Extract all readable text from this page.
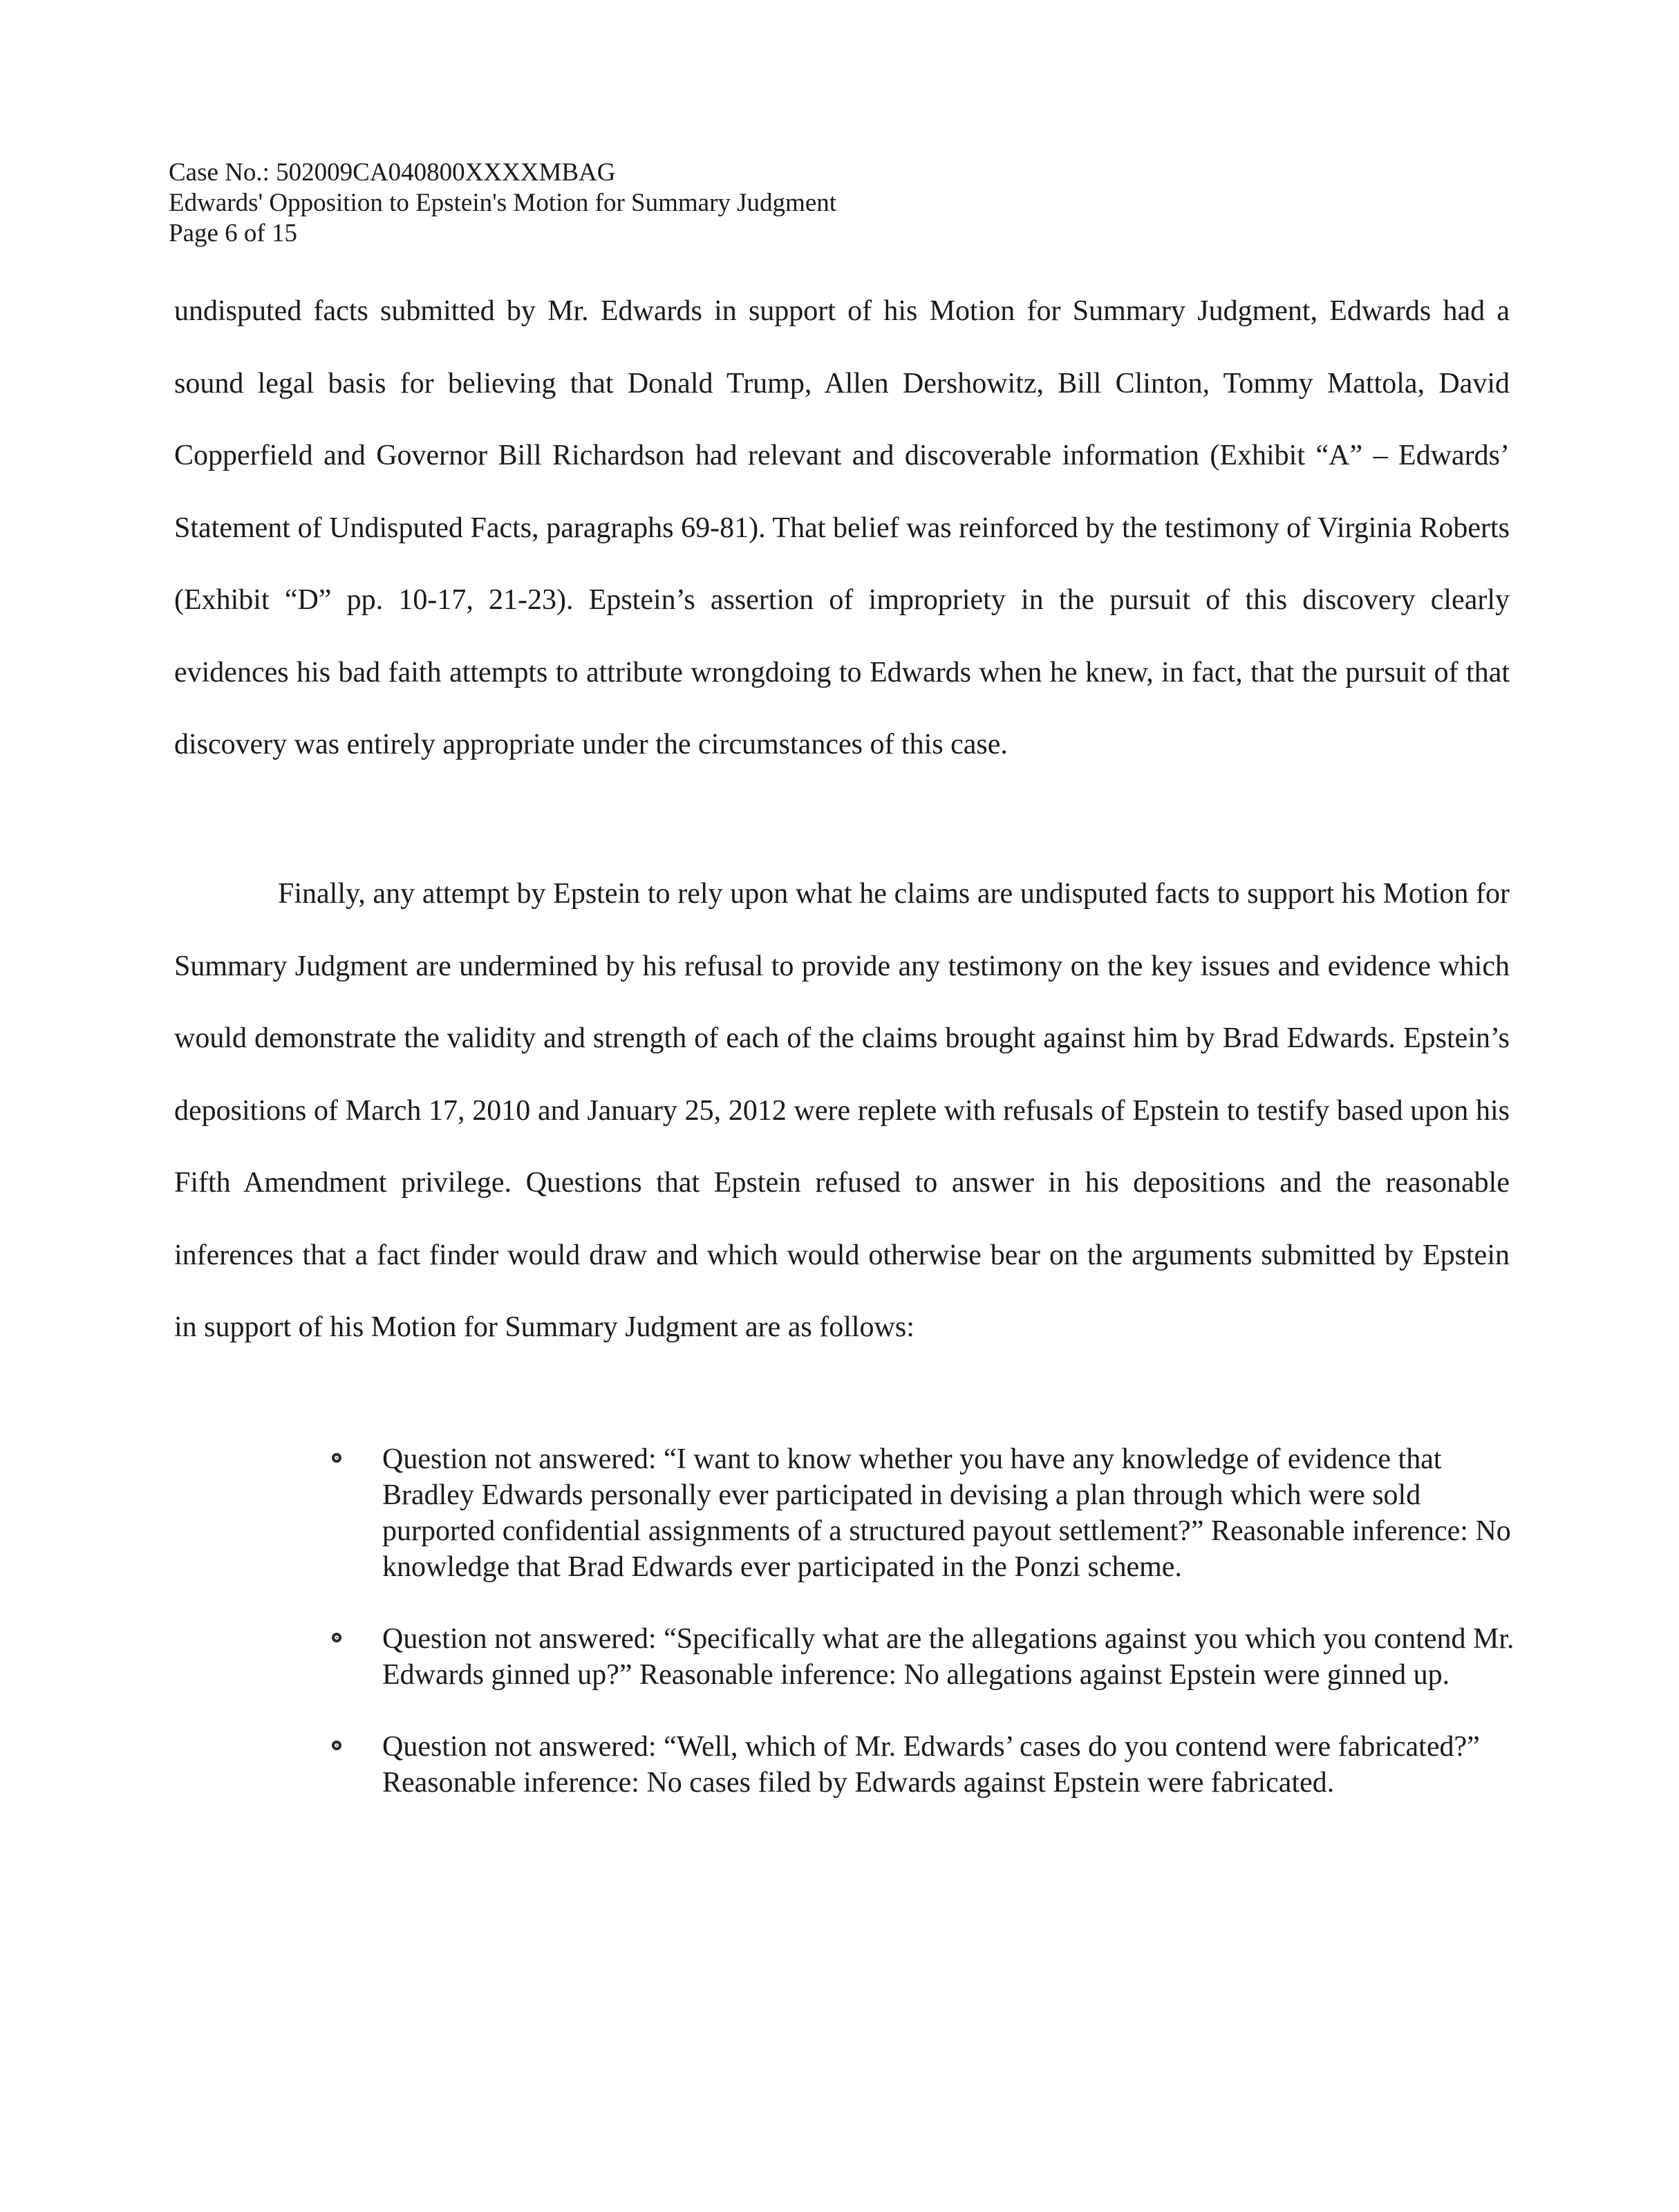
Case No.: 502009CA040800XXXXMBAG
Edwards' Opposition to Epstein's Motion for Summary Judgment
Page 6 of 15

undisputed facts submitted by Mr. Edwards in support of his Motion for Summary Judgment, Edwards had a sound legal basis for believing that Donald Trump, Allen Dershowitz, Bill Clinton, Tommy Mattola, David Copperfield and Governor Bill Richardson had relevant and discoverable information (Exhibit “A” – Edwards’ Statement of Undisputed Facts, paragraphs 69-81). That belief was reinforced by the testimony of Virginia Roberts (Exhibit “D” pp. 10-17, 21-23). Epstein’s assertion of impropriety in the pursuit of this discovery clearly evidences his bad faith attempts to attribute wrongdoing to Edwards when he knew, in fact, that the pursuit of that discovery was entirely appropriate under the circumstances of this case.

Finally, any attempt by Epstein to rely upon what he claims are undisputed facts to support his Motion for Summary Judgment are undermined by his refusal to provide any testimony on the key issues and evidence which would demonstrate the validity and strength of each of the claims brought against him by Brad Edwards. Epstein’s depositions of March 17, 2010 and January 25, 2012 were replete with refusals of Epstein to testify based upon his Fifth Amendment privilege. Questions that Epstein refused to answer in his depositions and the reasonable inferences that a fact finder would draw and which would otherwise bear on the arguments submitted by Epstein in support of his Motion for Summary Judgment are as follows:

Question not answered: “I want to know whether you have any knowledge of evidence that Bradley Edwards personally ever participated in devising a plan through which were sold purported confidential assignments of a structured payout settlement?” Reasonable inference: No knowledge that Brad Edwards ever participated in the Ponzi scheme.
Question not answered: “Specifically what are the allegations against you which you contend Mr. Edwards ginned up?” Reasonable inference: No allegations against Epstein were ginned up.
Question not answered: “Well, which of Mr. Edwards’ cases do you contend were fabricated?” Reasonable inference: No cases filed by Edwards against Epstein were fabricated.
